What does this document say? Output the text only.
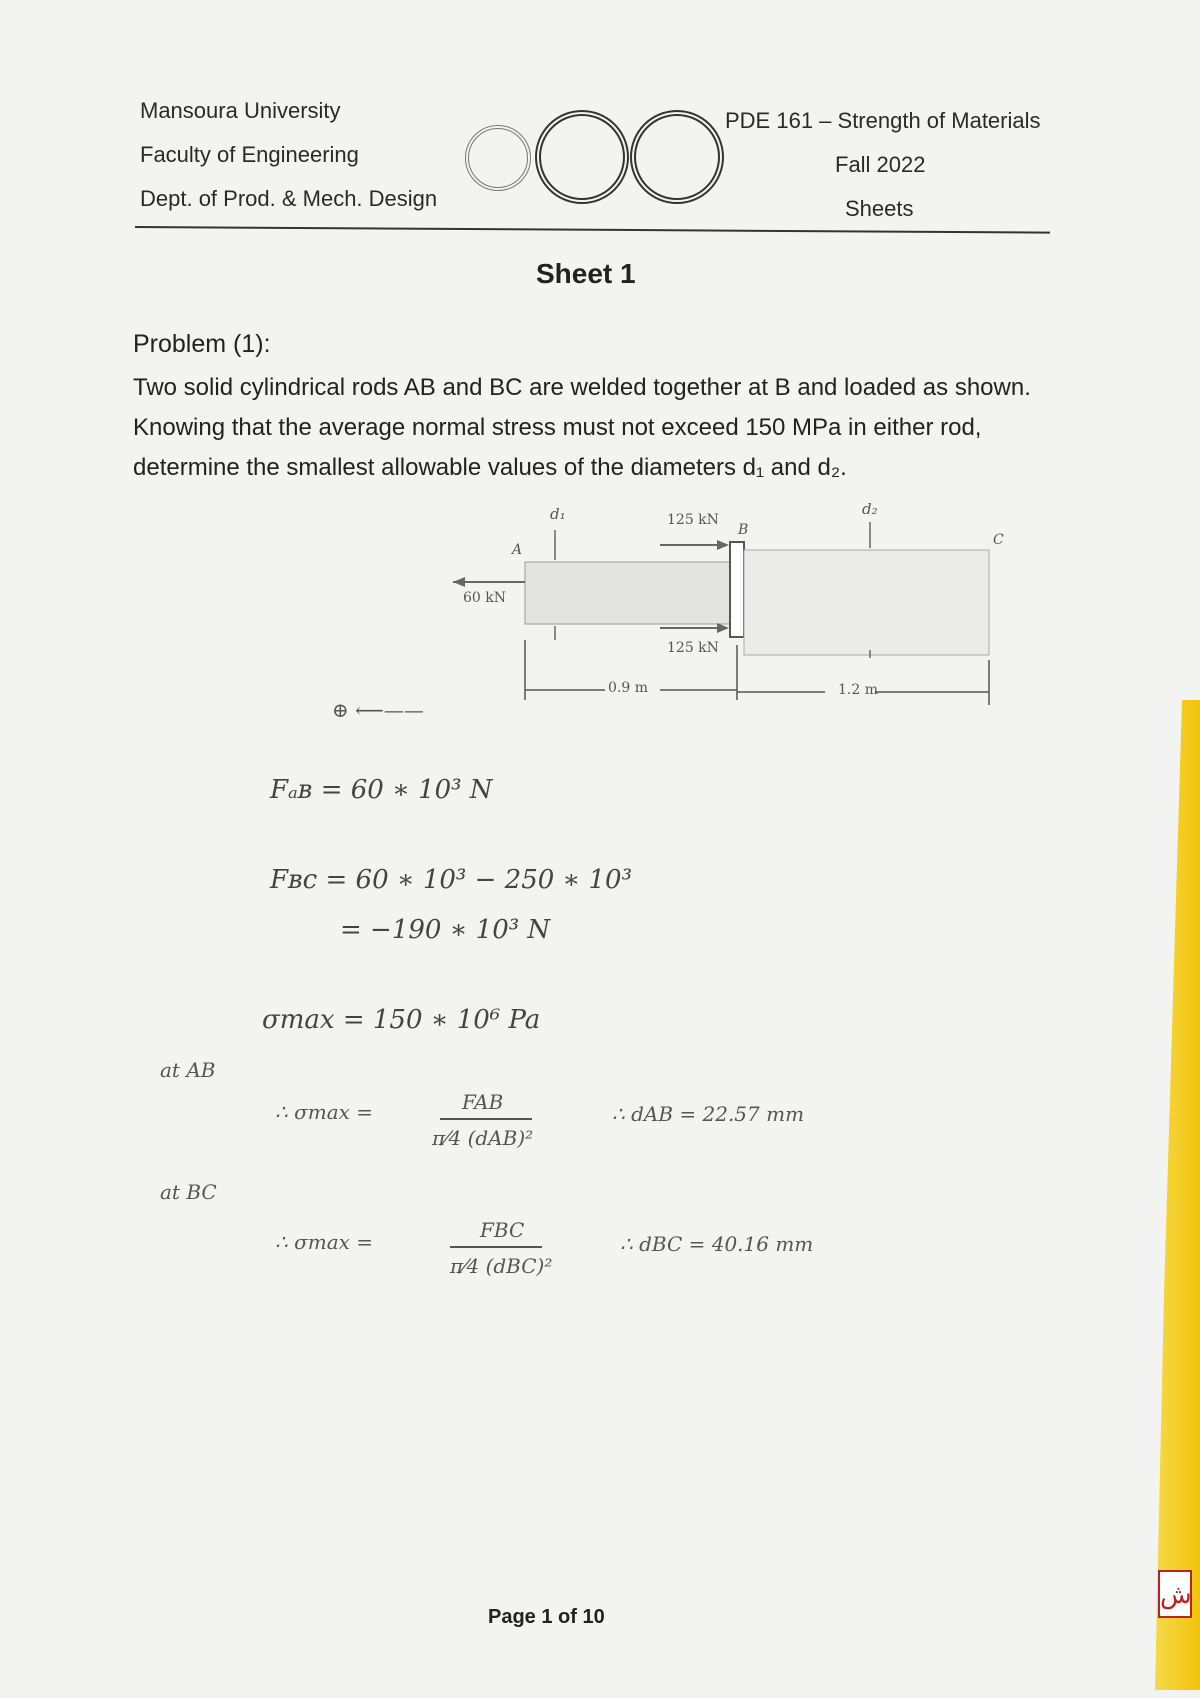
Mansoura University
Faculty of Engineering
Dept. of Prod. & Mech. Design
PDE 161 – Strength of Materials
Fall 2022
Sheets
Sheet 1
Problem (1):
Two solid cylindrical rods AB and BC are welded together at B and loaded as shown. Knowing that the average normal stress must not exceed 150 MPa in either rod, determine the smallest allowable values of the diameters d₁ and d₂.
d₁	d₂
A
B
C
60 kN
125 kN
125 kN
0.9 m	1.2 m
⊕ ⟵——
Fₐʙ = 60 ∗ 10³ N
Fʙc = 60 ∗ 10³ − 250 ∗ 10³
= −190 ∗ 10³ N
σmax = 150 ∗ 10⁶ Pa
at AB
∴ σmax =	FAB
π⁄4 (dAB)²
∴ dAB = 22.57 mm
at BC
∴ σmax =	FBC
π⁄4 (dBC)²
∴ dBC = 40.16 mm
Page 1 of 10
ش
